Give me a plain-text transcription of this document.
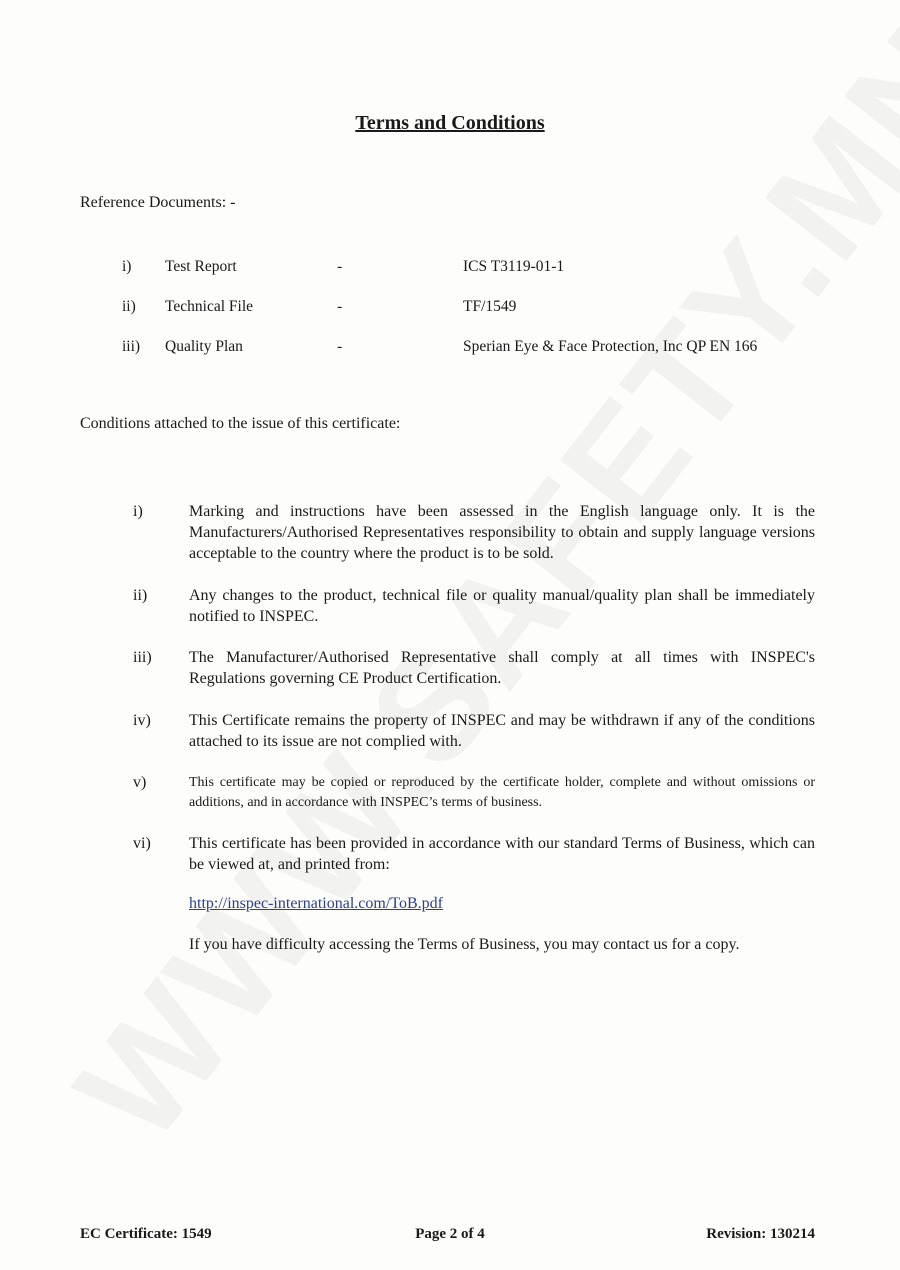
Terms and Conditions
Reference Documents: -
i) Test Report	-	ICS T3119-01-1
ii) Technical File	-	TF/1549
iii) Quality Plan	-	Sperian Eye & Face Protection, Inc QP EN 166
Conditions attached to the issue of this certificate:
i)	Marking and instructions have been assessed in the English language only. It is the Manufacturers/Authorised Representatives responsibility to obtain and supply language versions acceptable to the country where the product is to be sold.
ii)	Any changes to the product, technical file or quality manual/quality plan shall be immediately notified to INSPEC.
iii) The Manufacturer/Authorised Representative shall comply at all times with INSPEC's Regulations governing CE Product Certification.
iv) This Certificate remains the property of INSPEC and may be withdrawn if any of the conditions attached to its issue are not complied with.
v)	This certificate may be copied or reproduced by the certificate holder, complete and without omissions or additions, and in accordance with INSPEC’s terms of business.
vi) This certificate has been provided in accordance with our standard Terms of Business, which can be viewed at, and printed from:
http://inspec-international.com/ToB.pdf
If you have difficulty accessing the Terms of Business, you may contact us for a copy.
EC Certificate: 1549	Page 2 of 4	Revision: 130214
